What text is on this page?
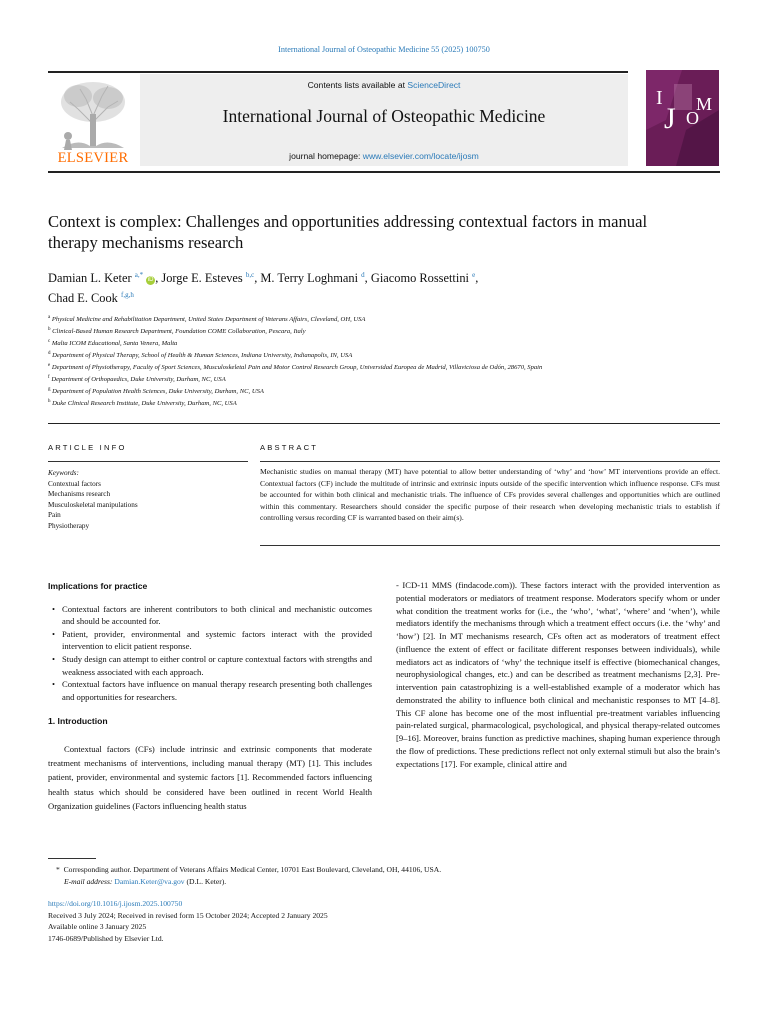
International Journal of Osteopathic Medicine 55 (2025) 100750
ELSEVIER
Contents lists available at ScienceDirect
International Journal of Osteopathic Medicine
journal homepage: www.elsevier.com/locate/ijosm
I
J O
M
Context is complex: Challenges and opportunities addressing contextual factors in manual therapy mechanisms research
Damian L. Keter $^{a,*}$ iD , Jorge E. Esteves $^{b,c}$, M. Terry Loghmani $^d$, Giacomo Rossettini $^e$,
Chad E. Cook $^{f,g,h}$
$^a$ Physical Medicine and Rehabilitation Department, United States Department of Veterans Affairs, Cleveland, OH, USA
$^b$ Clinical-Based Human Research Department, Foundation COME Collaboration, Pescara, Italy
$^c$ Malta ICOM Educational, Santa Venera, Malta
$^d$ Department of Physical Therapy, School of Health & Human Sciences, Indiana University, Indianapolis, IN, USA
$^e$ Department of Physiotherapy, Faculty of Sport Sciences, Musculoskeletal Pain and Motor Control Research Group, Universidad Europea de Madrid, Villaviciosa de Odón, 28670, Spain
$^f$ Department of Orthopaedics, Duke University, Durham, NC, USA
$^g$ Department of Population Health Sciences, Duke University, Durham, NC, USA
$^h$ Duke Clinical Research Institute, Duke University, Durham, NC, USA
ARTICLE INFO	ABSTRACT
Keywords:
Contextual factors
Mechanisms research
Musculoskeletal manipulations
Pain
Physiotherapy
Mechanistic studies on manual therapy (MT) have potential to allow better understanding of ‘why’ and ‘how’ MT interventions provide an effect. Contextual factors (CF) include the multitude of intrinsic and extrinsic inputs outside of the specific intervention which influence response. CFs must be accounted for within both clinical and mechanistic trials. The influence of CFs provides several challenges and opportunities which are outlined within this commentary. Researchers should consider the specific purpose of their research when developing mechanistic trials to establish if controlling versus recording CF is warranted based on their aim(s).
Implications for practice
• Contextual factors are inherent contributors to both clinical and mechanistic outcomes and should be accounted for.
• Patient, provider, environmental and systemic factors interact with the provided intervention to elicit patient response.
• Study design can attempt to either control or capture contextual factors with strengths and weakness associated with each approach.
• Contextual factors have influence on manual therapy research presenting both challenges and opportunities for researchers.
1. Introduction
Contextual factors (CFs) include intrinsic and extrinsic components that moderate treatment mechanisms of interventions, including manual therapy (MT) [1]. This includes patient, provider, environmental and systemic factors [1]. Recommended factors influencing health status which should be considered have been outlined in recent World Health Organization guidelines (Factors influencing health status
- ICD-11 MMS (findacode.com)). These factors interact with the provided intervention as potential moderators or mediators of treatment response. Moderators specify whom or under what condition the treatment works for (i.e., the ‘who’, ‘what’, ‘where’ and ‘when’), while mediators identify the mechanisms through which a treatment effect occurs (i.e. the ‘why’ and ‘how’) [2]. In MT mechanisms research, CFs often act as moderators of treatment effect (influence the extent of effect or facilitate different responses between individuals), while mediators act as indicators of ‘why’ the technique itself is effective (biomechanical changes, neurophysiological changes, etc.) and can be described as treatment mechanisms [2,3]. Pre-intervention pain catastrophizing is a well-established example of a moderator which has demonstrated the ability to influence both clinical and mechanistic responses to MT [4–8]. This CF alone has become one of the most influential pre-treatment variables influencing pain-related surgical, pharmacological, psychological, and physical therapy-related outcomes [9–16]. Moreover, brains function as predictive machines, shaping human experience through the flow of predictions. These predictions reflect not only external stimuli but also the brain’s expectations [17]. For example, clinical attire and
*  Corresponding author. Department of Veterans Affairs Medical Center, 10701 East Boulevard, Cleveland, OH, 44106, USA.
E-mail address: Damian.Keter@va.gov (D.L. Keter).
https://doi.org/10.1016/j.ijosm.2025.100750
Received 3 July 2024; Received in revised form 15 October 2024; Accepted 2 January 2025
Available online 3 January 2025
1746-0689/Published by Elsevier Ltd.
